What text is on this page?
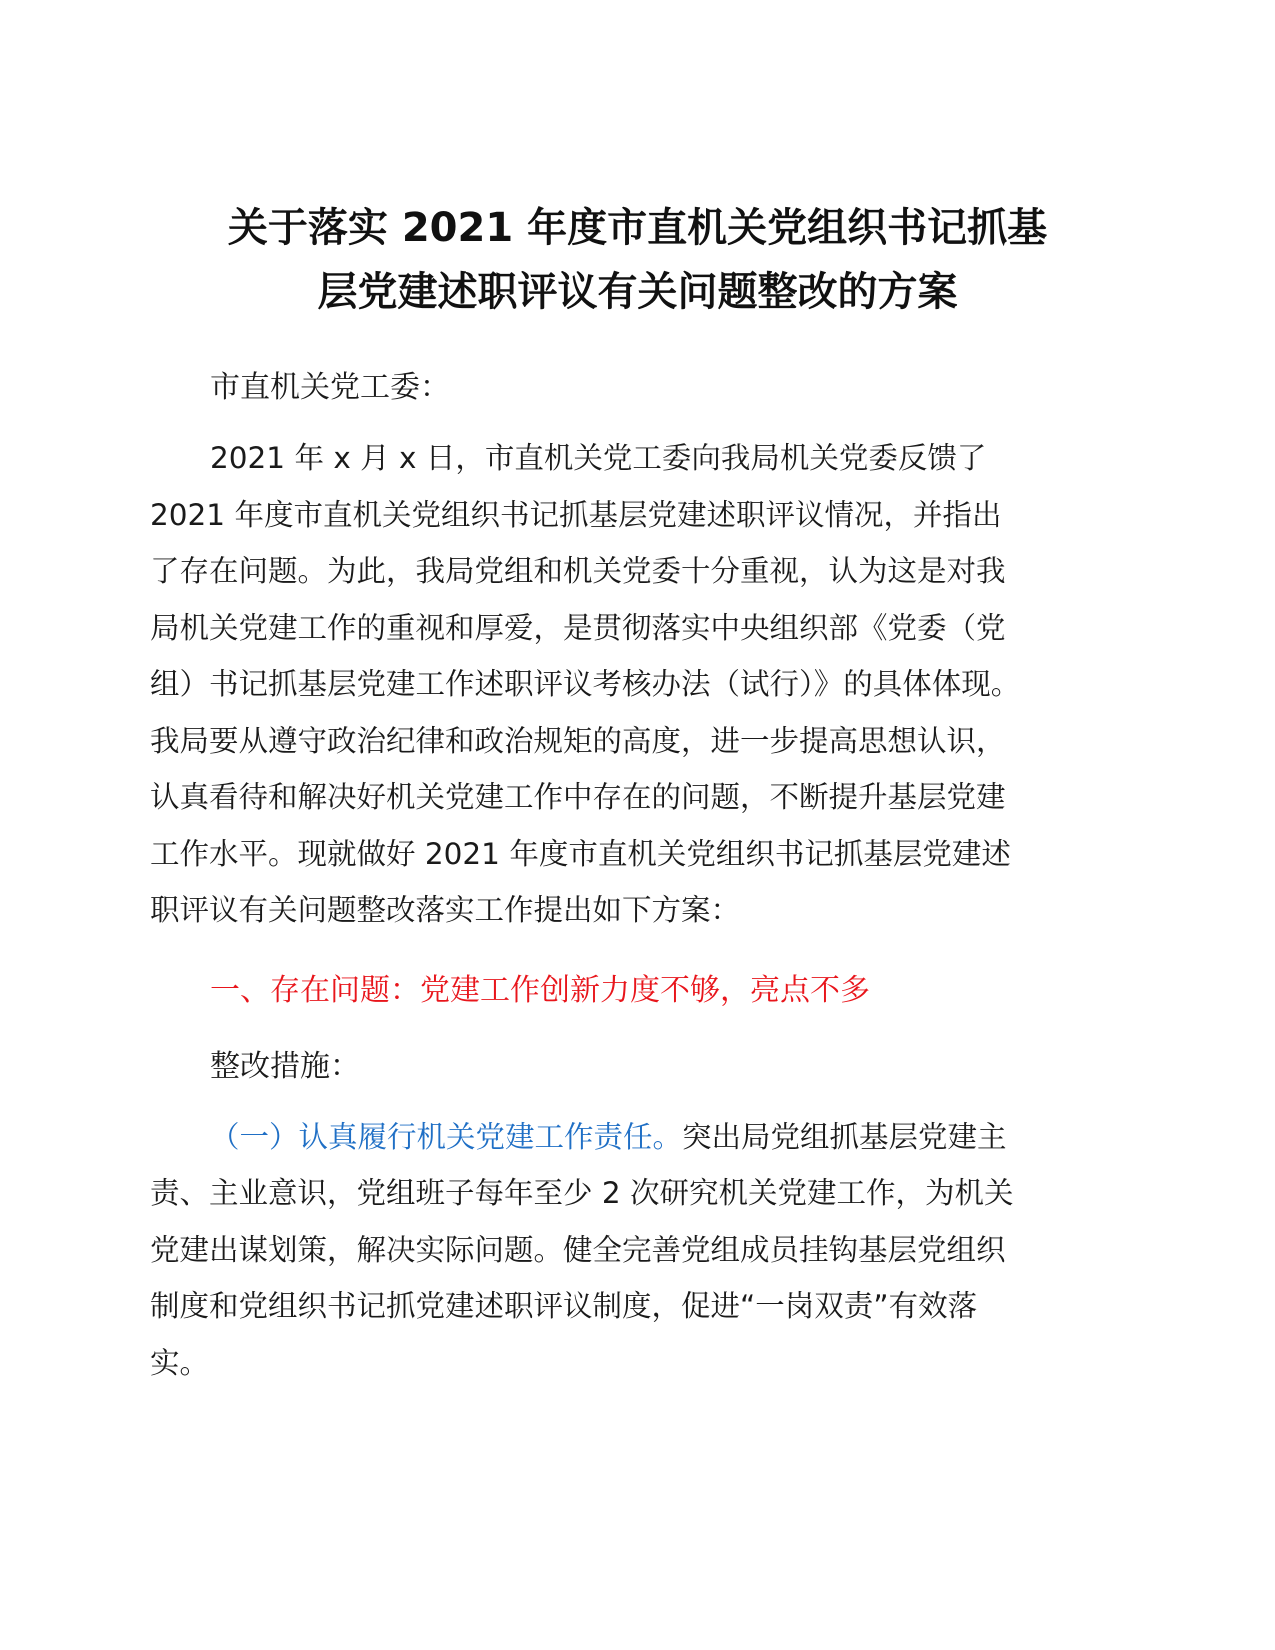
关于落实 2021 年度市直机关党组织书记抓基
层党建述职评议有关问题整改的方案

市直机关党工委：

2021 年 x 月 x 日，市直机关党工委向我局机关党委反馈了
2021 年度市直机关党组织书记抓基层党建述职评议情况，并指出
了存在问题。为此，我局党组和机关党委十分重视，认为这是对我
局机关党建工作的重视和厚爱，是贯彻落实中央组织部《党委（党
组）书记抓基层党建工作述职评议考核办法（试行）》的具体体现。
我局要从遵守政治纪律和政治规矩的高度，进一步提高思想认识，
认真看待和解决好机关党建工作中存在的问题，不断提升基层党建
工作水平。现就做好 2021 年度市直机关党组织书记抓基层党建述
职评议有关问题整改落实工作提出如下方案：

一、存在问题：党建工作创新力度不够，亮点不多

整改措施：

（一）认真履行机关党建工作责任。突出局党组抓基层党建主
责、主业意识，党组班子每年至少 2 次研究机关党建工作，为机关
党建出谋划策，解决实际问题。健全完善党组成员挂钩基层党组织
制度和党组织书记抓党建述职评议制度，促进“一岗双责”有效落
实。
